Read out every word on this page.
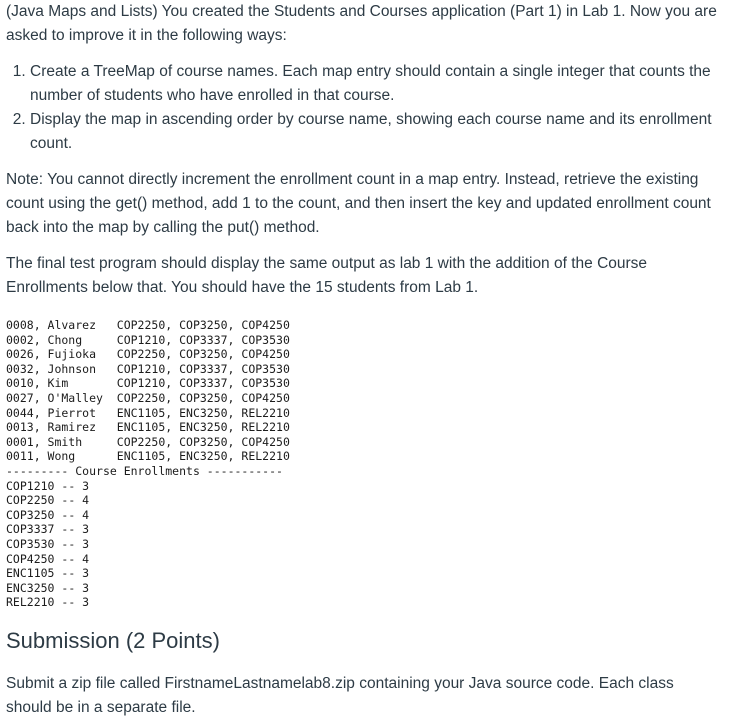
(Java Maps and Lists) You created the Students and Courses application (Part 1) in Lab 1. Now you are asked to improve it in the following ways:

1. Create a TreeMap of course names. Each map entry should contain a single integer that counts the number of students who have enrolled in that course.
2. Display the map in ascending order by course name, showing each course name and its enrollment count.

Note: You cannot directly increment the enrollment count in a map entry. Instead, retrieve the existing count using the get() method, add 1 to the count, and then insert the key and updated enrollment count back into the map by calling the put() method.

The final test program should display the same output as lab 1 with the addition of the Course Enrollments below that. You should have the 15 students from Lab 1.

0008, Alvarez   COP2250, COP3250, COP4250
0002, Chong     COP1210, COP3337, COP3530
0026, Fujioka   COP2250, COP3250, COP4250
0032, Johnson   COP1210, COP3337, COP3530
0010, Kim       COP1210, COP3337, COP3530
0027, O'Malley  COP2250, COP3250, COP4250
0044, Pierrot   ENC1105, ENC3250, REL2210
0013, Ramirez   ENC1105, ENC3250, REL2210
0001, Smith     COP2250, COP3250, COP4250
0011, Wong      ENC1105, ENC3250, REL2210
--------- Course Enrollments -----------
COP1210 -- 3
COP2250 -- 4
COP3250 -- 4
COP3337 -- 3
COP3530 -- 3
COP4250 -- 4
ENC1105 -- 3
ENC3250 -- 3
REL2210 -- 3
Submission (2 Points)

Submit a zip file called FirstnameLastnamelab8.zip containing your Java source code. Each class should be in a separate file.
